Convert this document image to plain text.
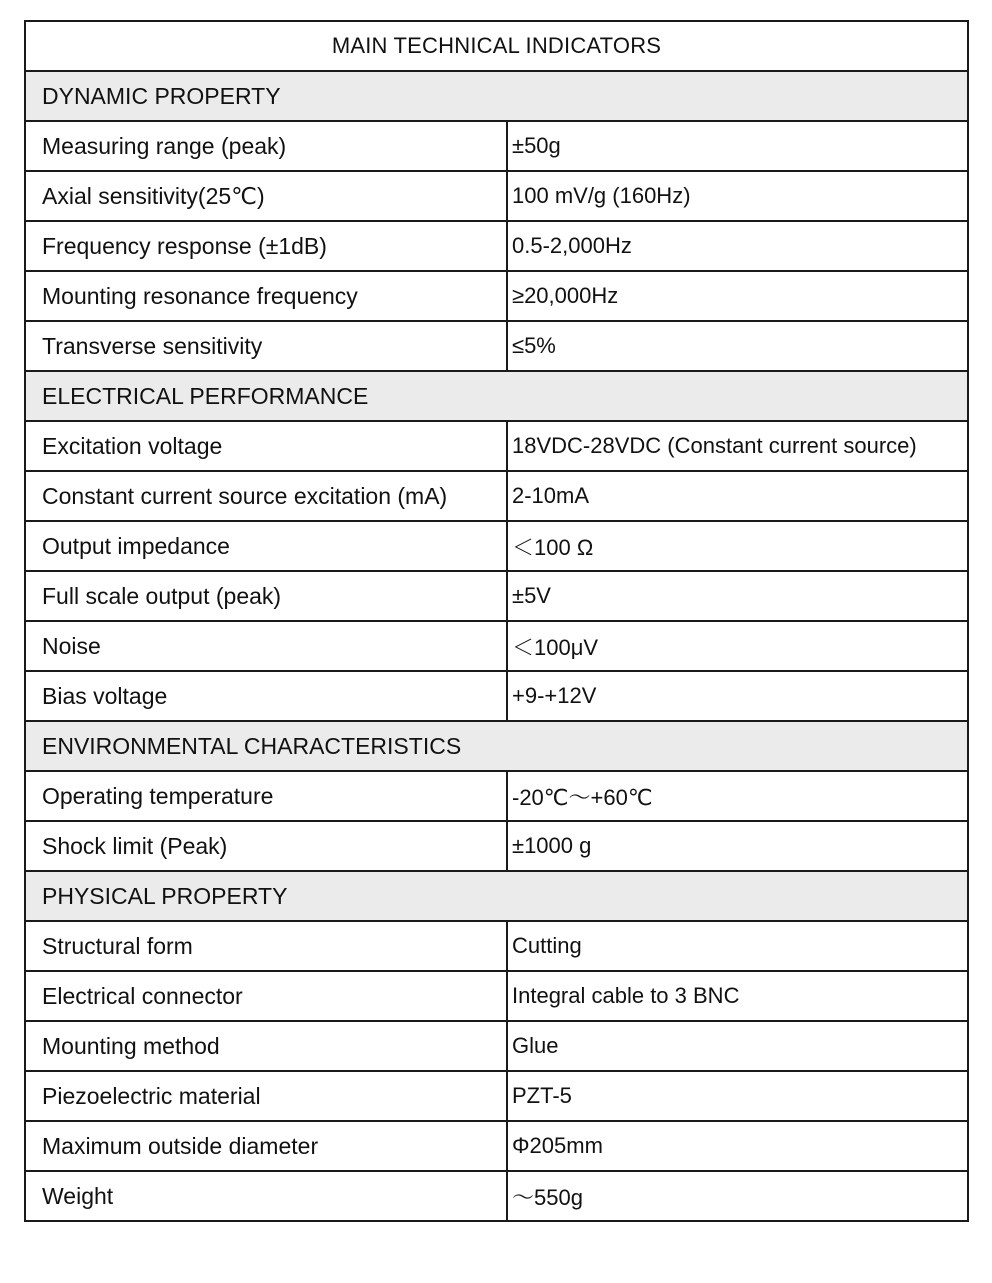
MAIN TECHNICAL INDICATORS	
DYNAMIC PROPERTY	
Measuring range (peak)	±50g
Axial sensitivity(25℃)	100 mV/g (160Hz)
Frequency response (±1dB)	0.5-2,000Hz
Mounting resonance frequency	≥20,000Hz
Transverse sensitivity	≤5%
ELECTRICAL PERFORMANCE	
Excitation voltage	18VDC-28VDC (Constant current source)
Constant current source excitation (mA)	2-10mA
Output impedance	＜100 Ω
Full scale output (peak)	±5V
Noise	＜100μV
Bias voltage	+9-+12V
ENVIRONMENTAL CHARACTERISTICS	
Operating temperature	-20℃～+60℃
Shock limit (Peak)	±1000 g
PHYSICAL PROPERTY	
Structural form	Cutting
Electrical connector	Integral cable to 3 BNC
Mounting method	Glue
Piezoelectric material	PZT-5
Maximum outside diameter	Φ205mm
Weight	～550g
